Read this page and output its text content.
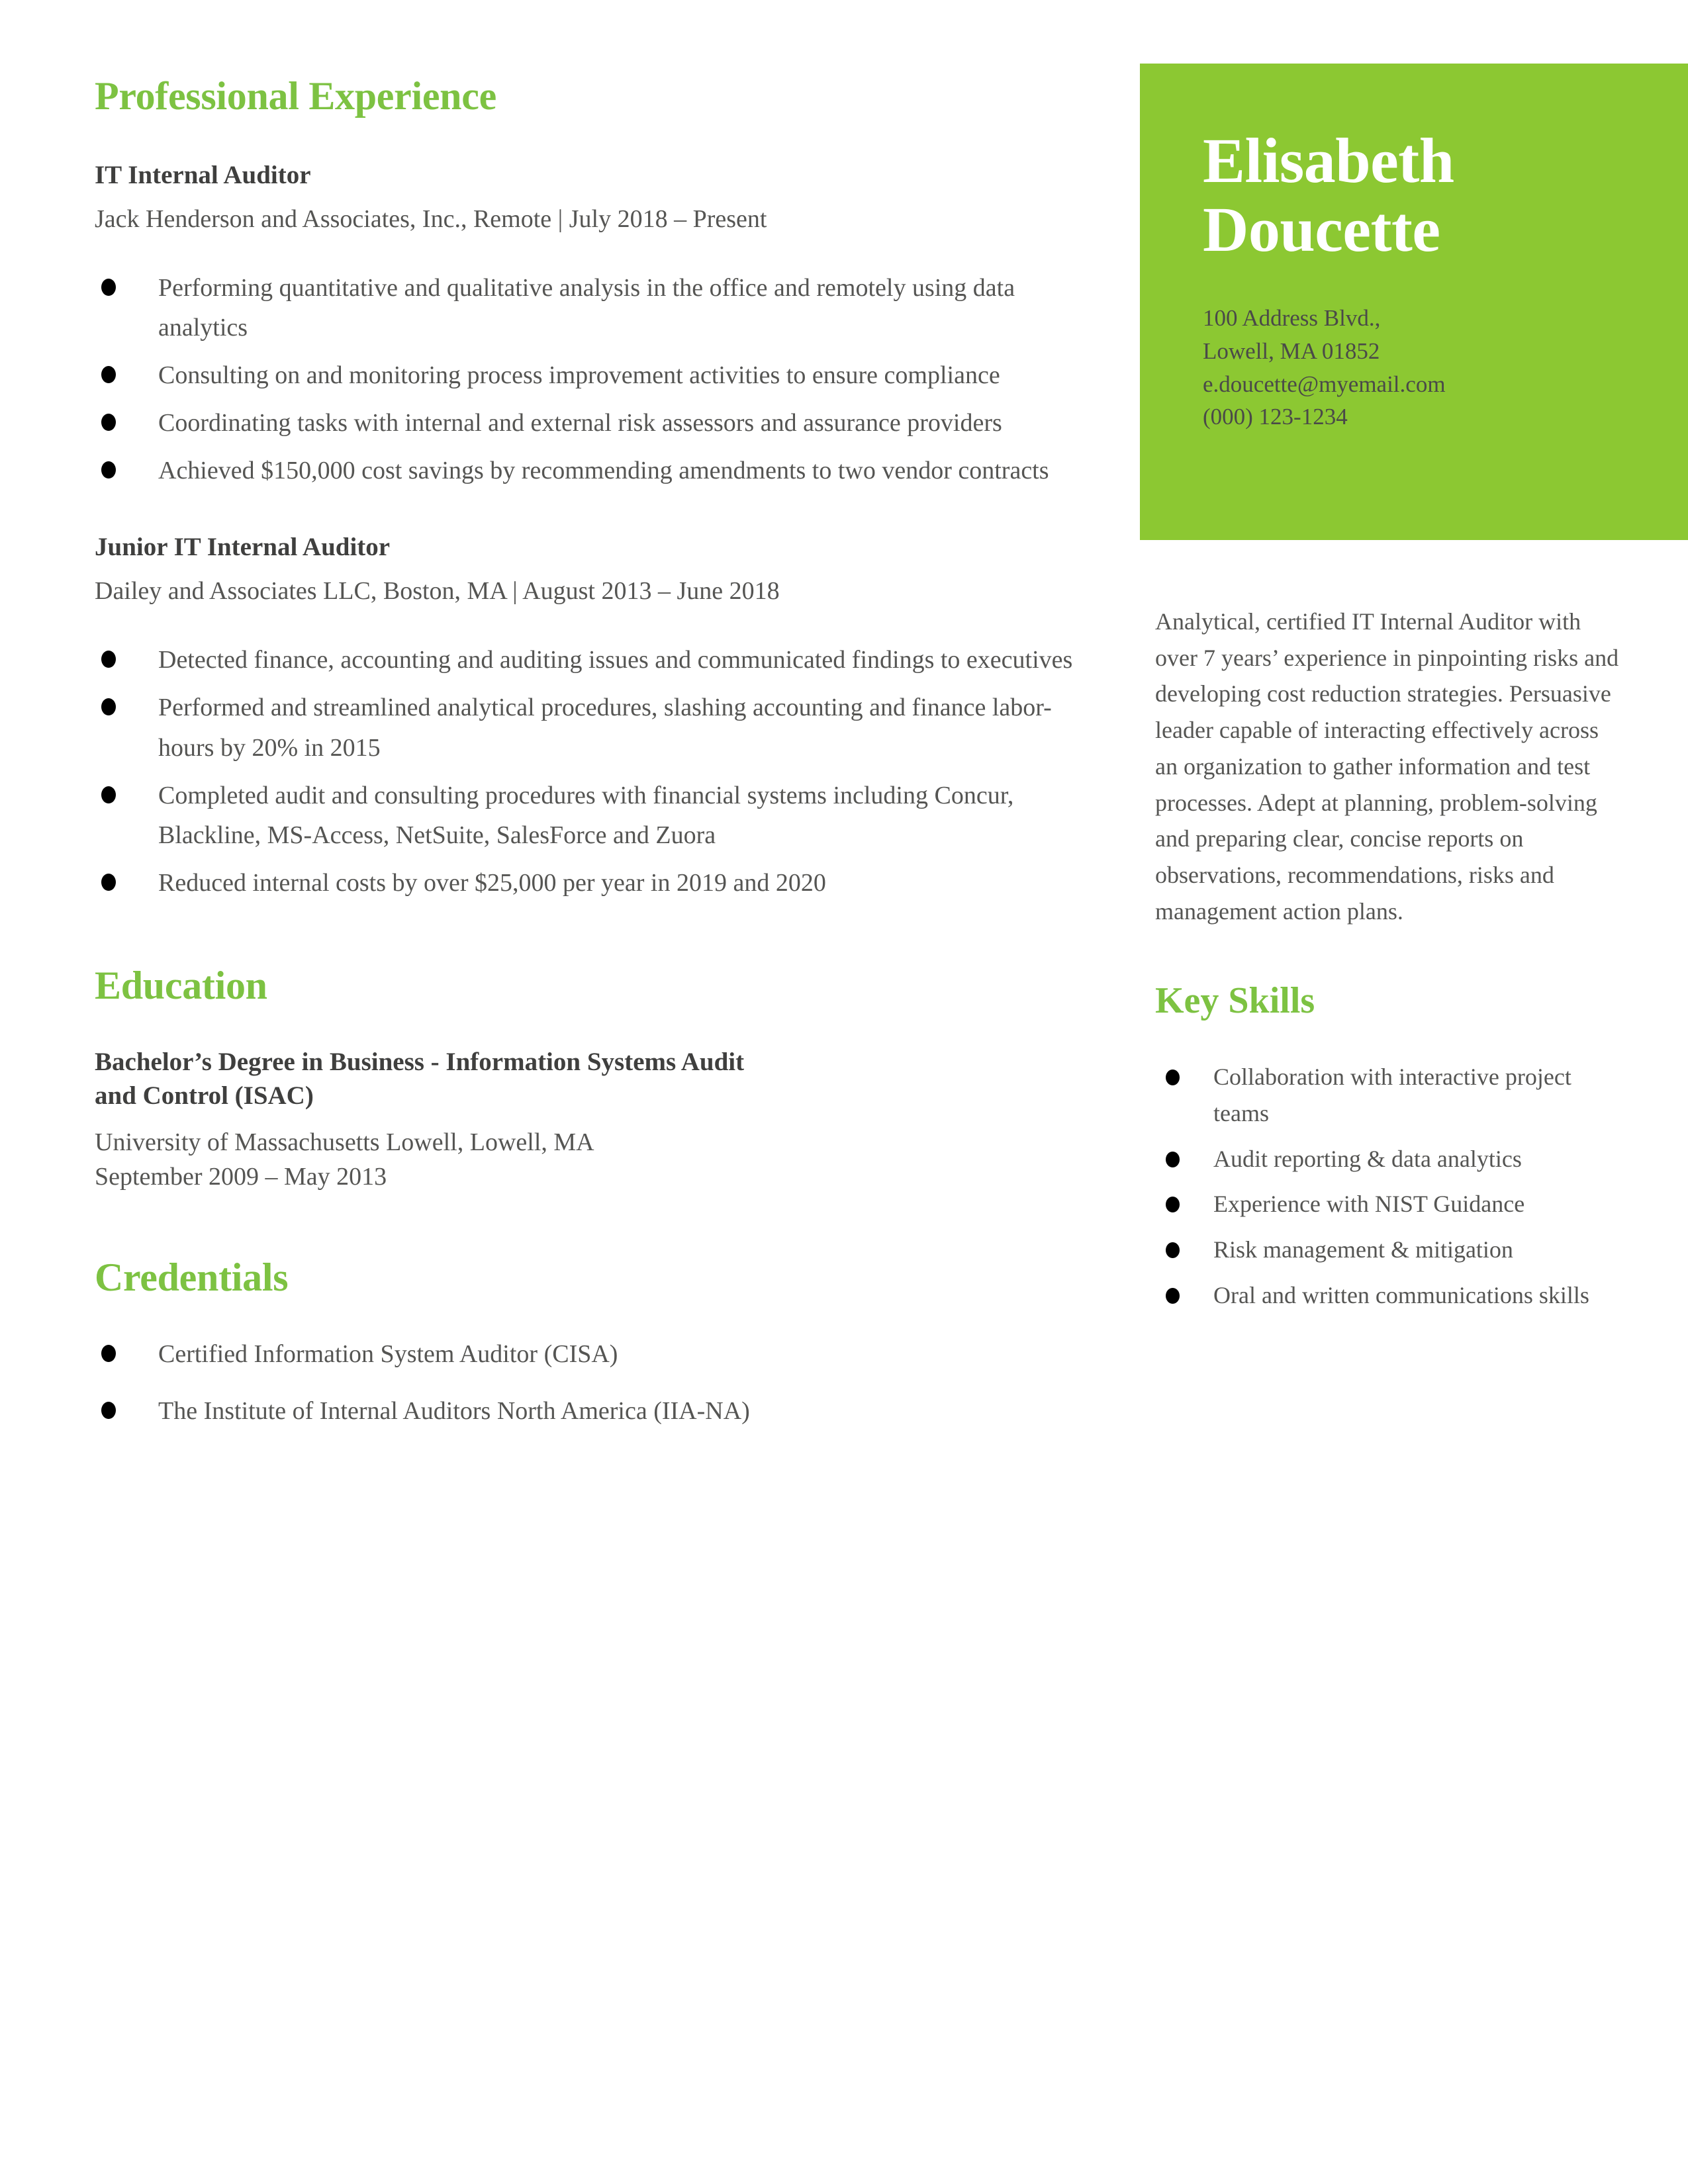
Elisabeth
Doucette
100 Address Blvd.,
Lowell, MA 01852
e.doucette@myemail.com
(000) 123-1234

Analytical, certified IT Internal Auditor with over 7 years’ experience in pinpointing risks and developing cost reduction strategies. Persuasive leader capable of interacting effectively across an organization to gather information and test processes. Adept at planning, problem-solving and preparing clear, concise reports on observations, recommendations, risks and management action plans.

Key Skills
Collaboration with interactive project teams
Audit reporting & data analytics
Experience with NIST Guidance
Risk management & mitigation
Oral and written communications skills
Professional Experience
IT Internal Auditor
Jack Henderson and Associates, Inc., Remote | July 2018 – Present
Performing quantitative and qualitative analysis in the office and remotely using data analytics
Consulting on and monitoring process improvement activities to ensure compliance
Coordinating tasks with internal and external risk assessors and assurance providers
Achieved $150,000 cost savings by recommending amendments to two vendor contracts
Junior IT Internal Auditor
Dailey and Associates LLC, Boston, MA | August 2013 – June 2018
Detected finance, accounting and auditing issues and communicated findings to executives
Performed and streamlined analytical procedures, slashing accounting and finance labor-hours by 20% in 2015
Completed audit and consulting procedures with financial systems including Concur, Blackline, MS-Access, NetSuite, SalesForce and Zuora
Reduced internal costs by over $25,000 per year in 2019 and 2020
Education
Bachelor’s Degree in Business - Information Systems Audit and Control (ISAC)

University of Massachusetts Lowell, Lowell, MA

September 2009 – May 2013

Credentials
Certified Information System Auditor (CISA)
The Institute of Internal Auditors North America (IIA-NA)
